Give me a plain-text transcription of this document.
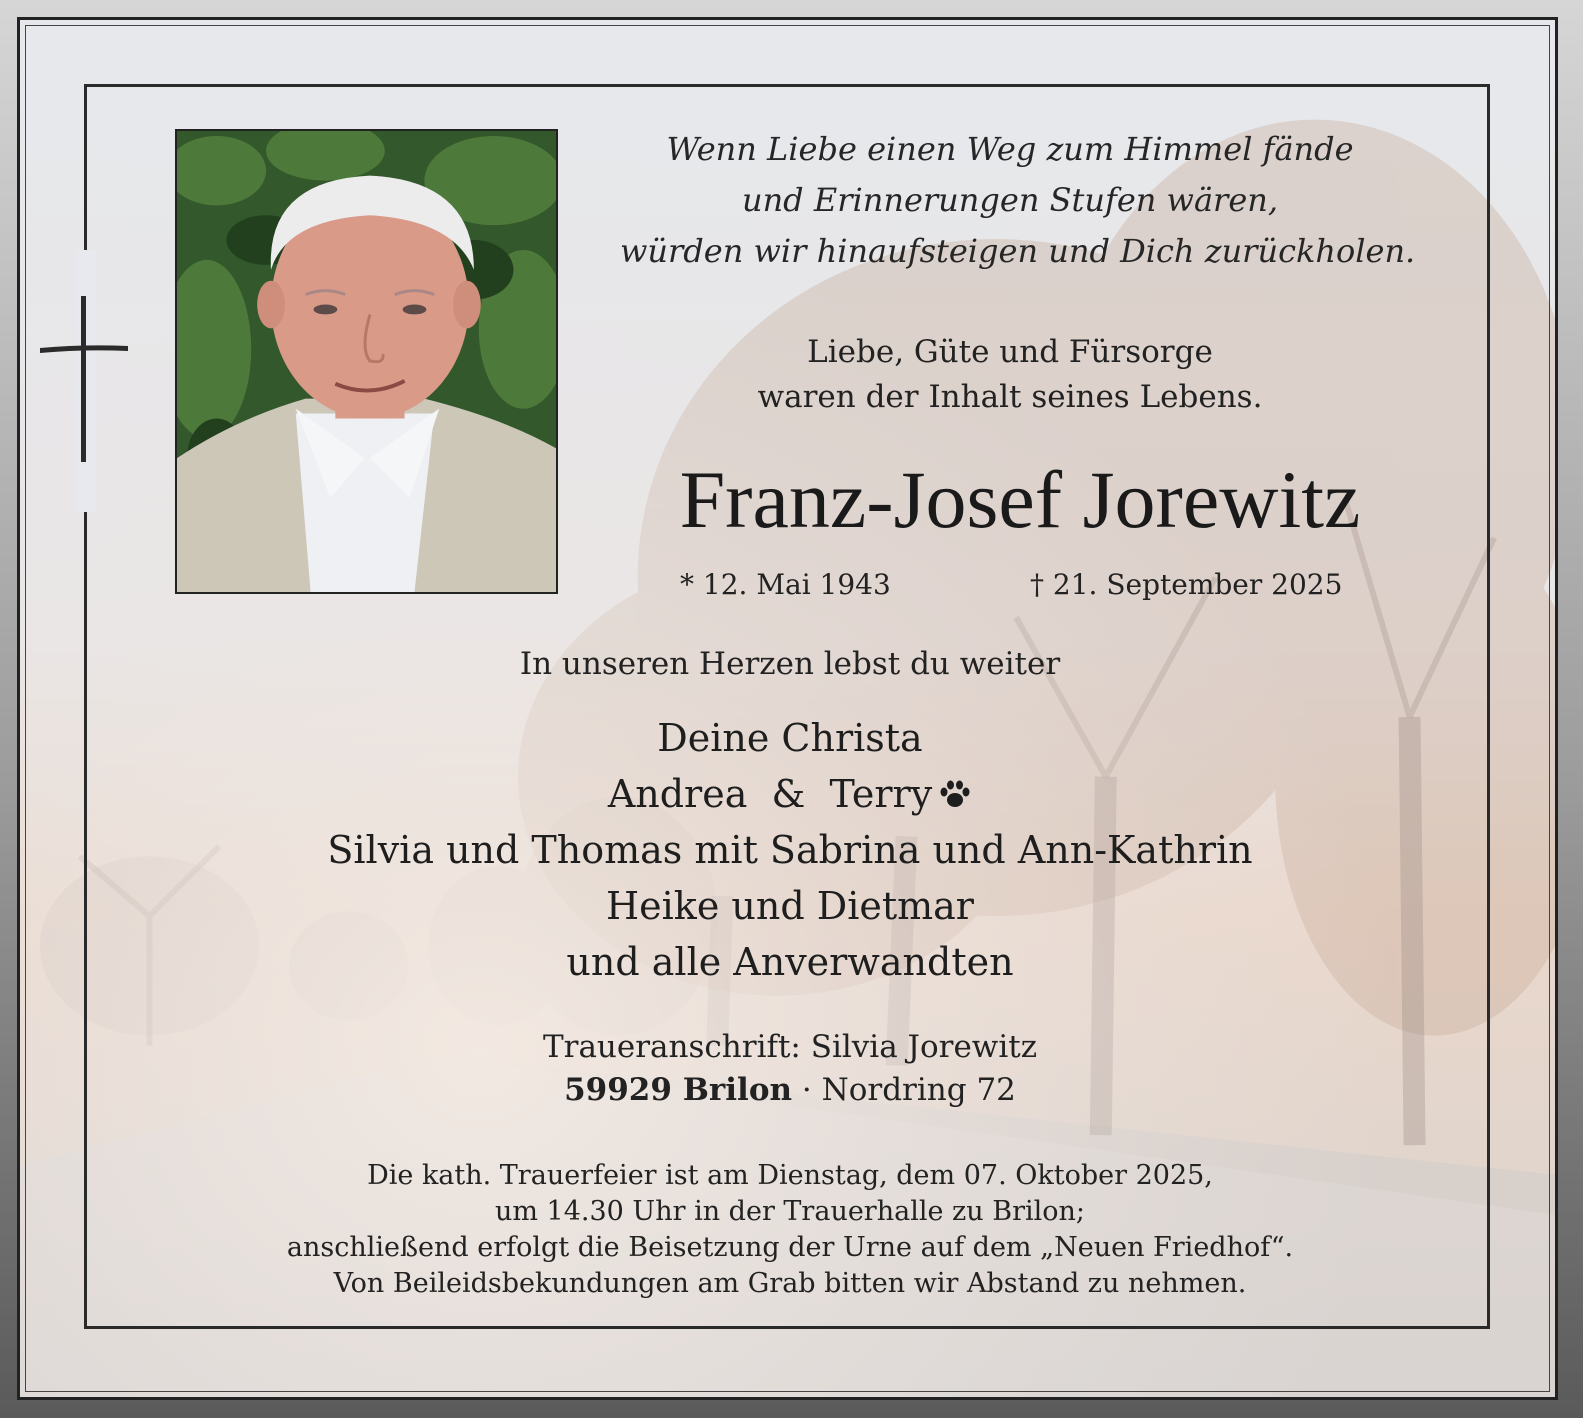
Wenn Liebe einen Weg zum Himmel fände
und Erinnerungen Stufen wären,
würden wir hinaufsteigen und Dich zurückholen.
Liebe, Güte und Fürsorge
waren der Inhalt seines Lebens.
Franz-Josef Jorewitz
* 12. Mai 1943	† 21. September 2025
In unseren Herzen lebst du weiter
Deine Christa
Andrea  &  Terry
Silvia und Thomas mit Sabrina und Ann-Kathrin
Heike und Dietmar
und alle Anverwandten
Traueranschrift: Silvia Jorewitz
59929 Brilon · Nordring 72
Die kath. Trauerfeier ist am Dienstag, dem 07. Oktober 2025,
um 14.30 Uhr in der Trauerhalle zu Brilon;
anschließend erfolgt die Beisetzung der Urne auf dem „Neuen Friedhof“.
Von Beileidsbekundungen am Grab bitten wir Abstand zu nehmen.
